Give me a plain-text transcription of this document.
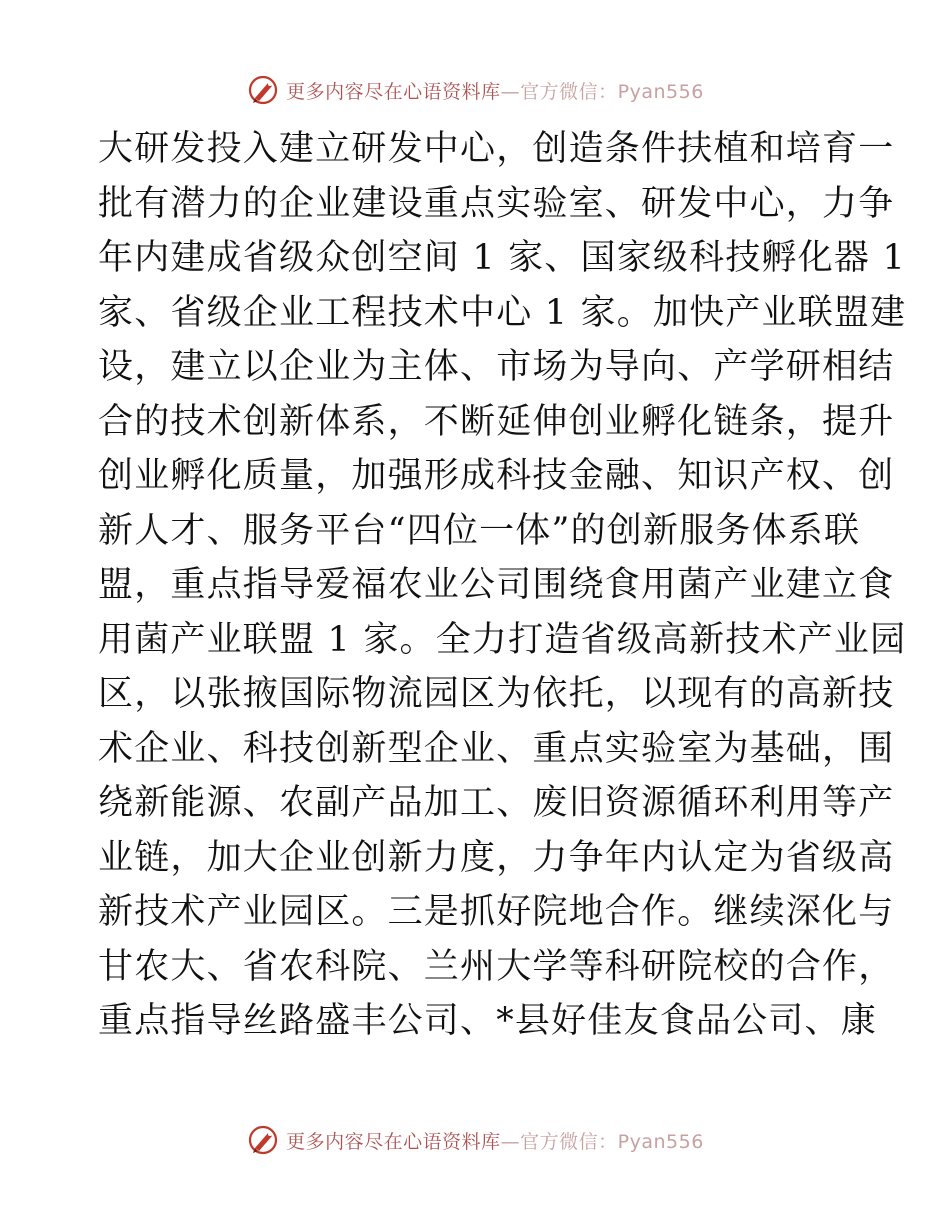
更多内容尽在心语资料库—官方微信：Pyan556
大研发投入建立研发中心，创造条件扶植和培育一
批有潜力的企业建设重点实验室、研发中心，力争
年内建成省级众创空间 1 家、国家级科技孵化器 1
家、省级企业工程技术中心 1 家。加快产业联盟建
设，建立以企业为主体、市场为导向、产学研相结
合的技术创新体系，不断延伸创业孵化链条，提升
创业孵化质量，加强形成科技金融、知识产权、创
新人才、服务平台“四位一体”的创新服务体系联
盟，重点指导爱福农业公司围绕食用菌产业建立食
用菌产业联盟 1 家。全力打造省级高新技术产业园
区，以张掖国际物流园区为依托，以现有的高新技
术企业、科技创新型企业、重点实验室为基础，围
绕新能源、农副产品加工、废旧资源循环利用等产
业链，加大企业创新力度，力争年内认定为省级高
新技术产业园区。三是抓好院地合作。继续深化与
甘农大、省农科院、兰州大学等科研院校的合作，
重点指导丝路盛丰公司、*县好佳友食品公司、康
更多内容尽在心语资料库—官方微信：Pyan556
